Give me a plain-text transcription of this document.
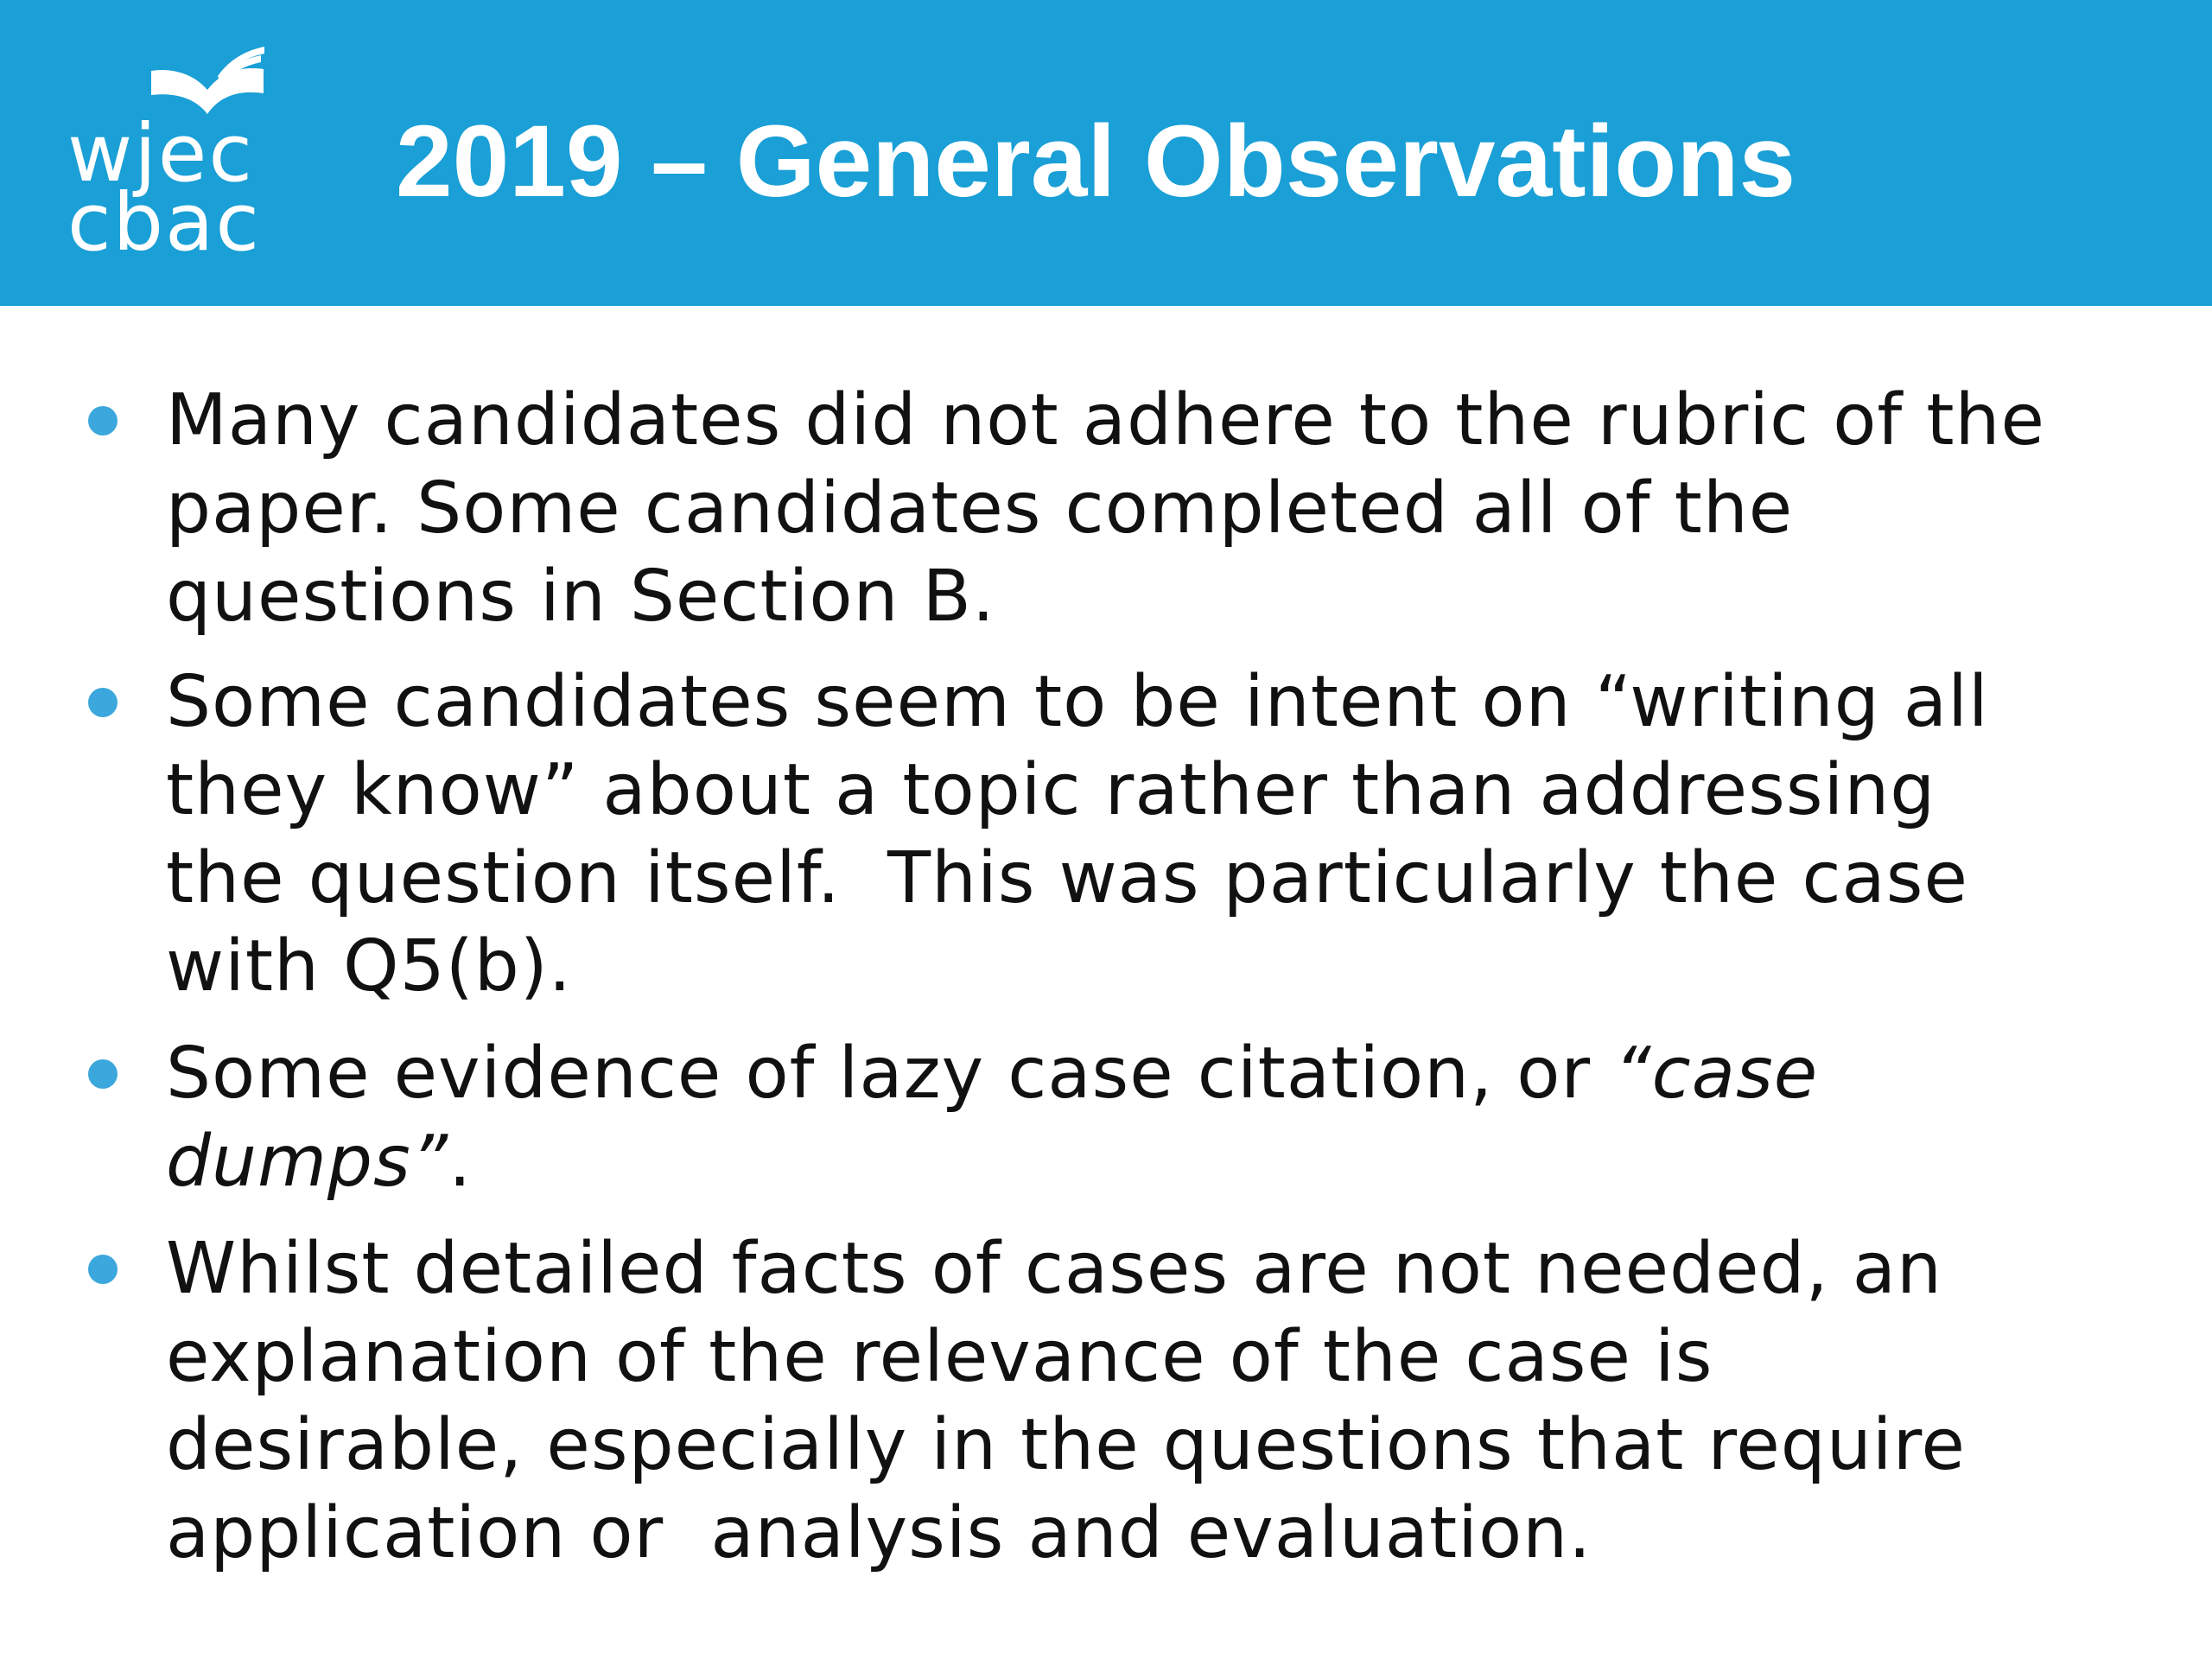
wjec
cbac
2019 – General Observations
Many candidates did not adhere to the rubric of the
paper. Some candidates completed all of the
questions in Section B.
Some candidates seem to be intent on “writing all
they know” about a topic rather than addressing
the question itself.  This was particularly the case
with Q5(b).
Some evidence of lazy case citation, or “case
dumps”.
Whilst detailed facts of cases are not needed, an
explanation of the relevance of the case is
desirable, especially in the questions that require
application or  analysis and evaluation.
